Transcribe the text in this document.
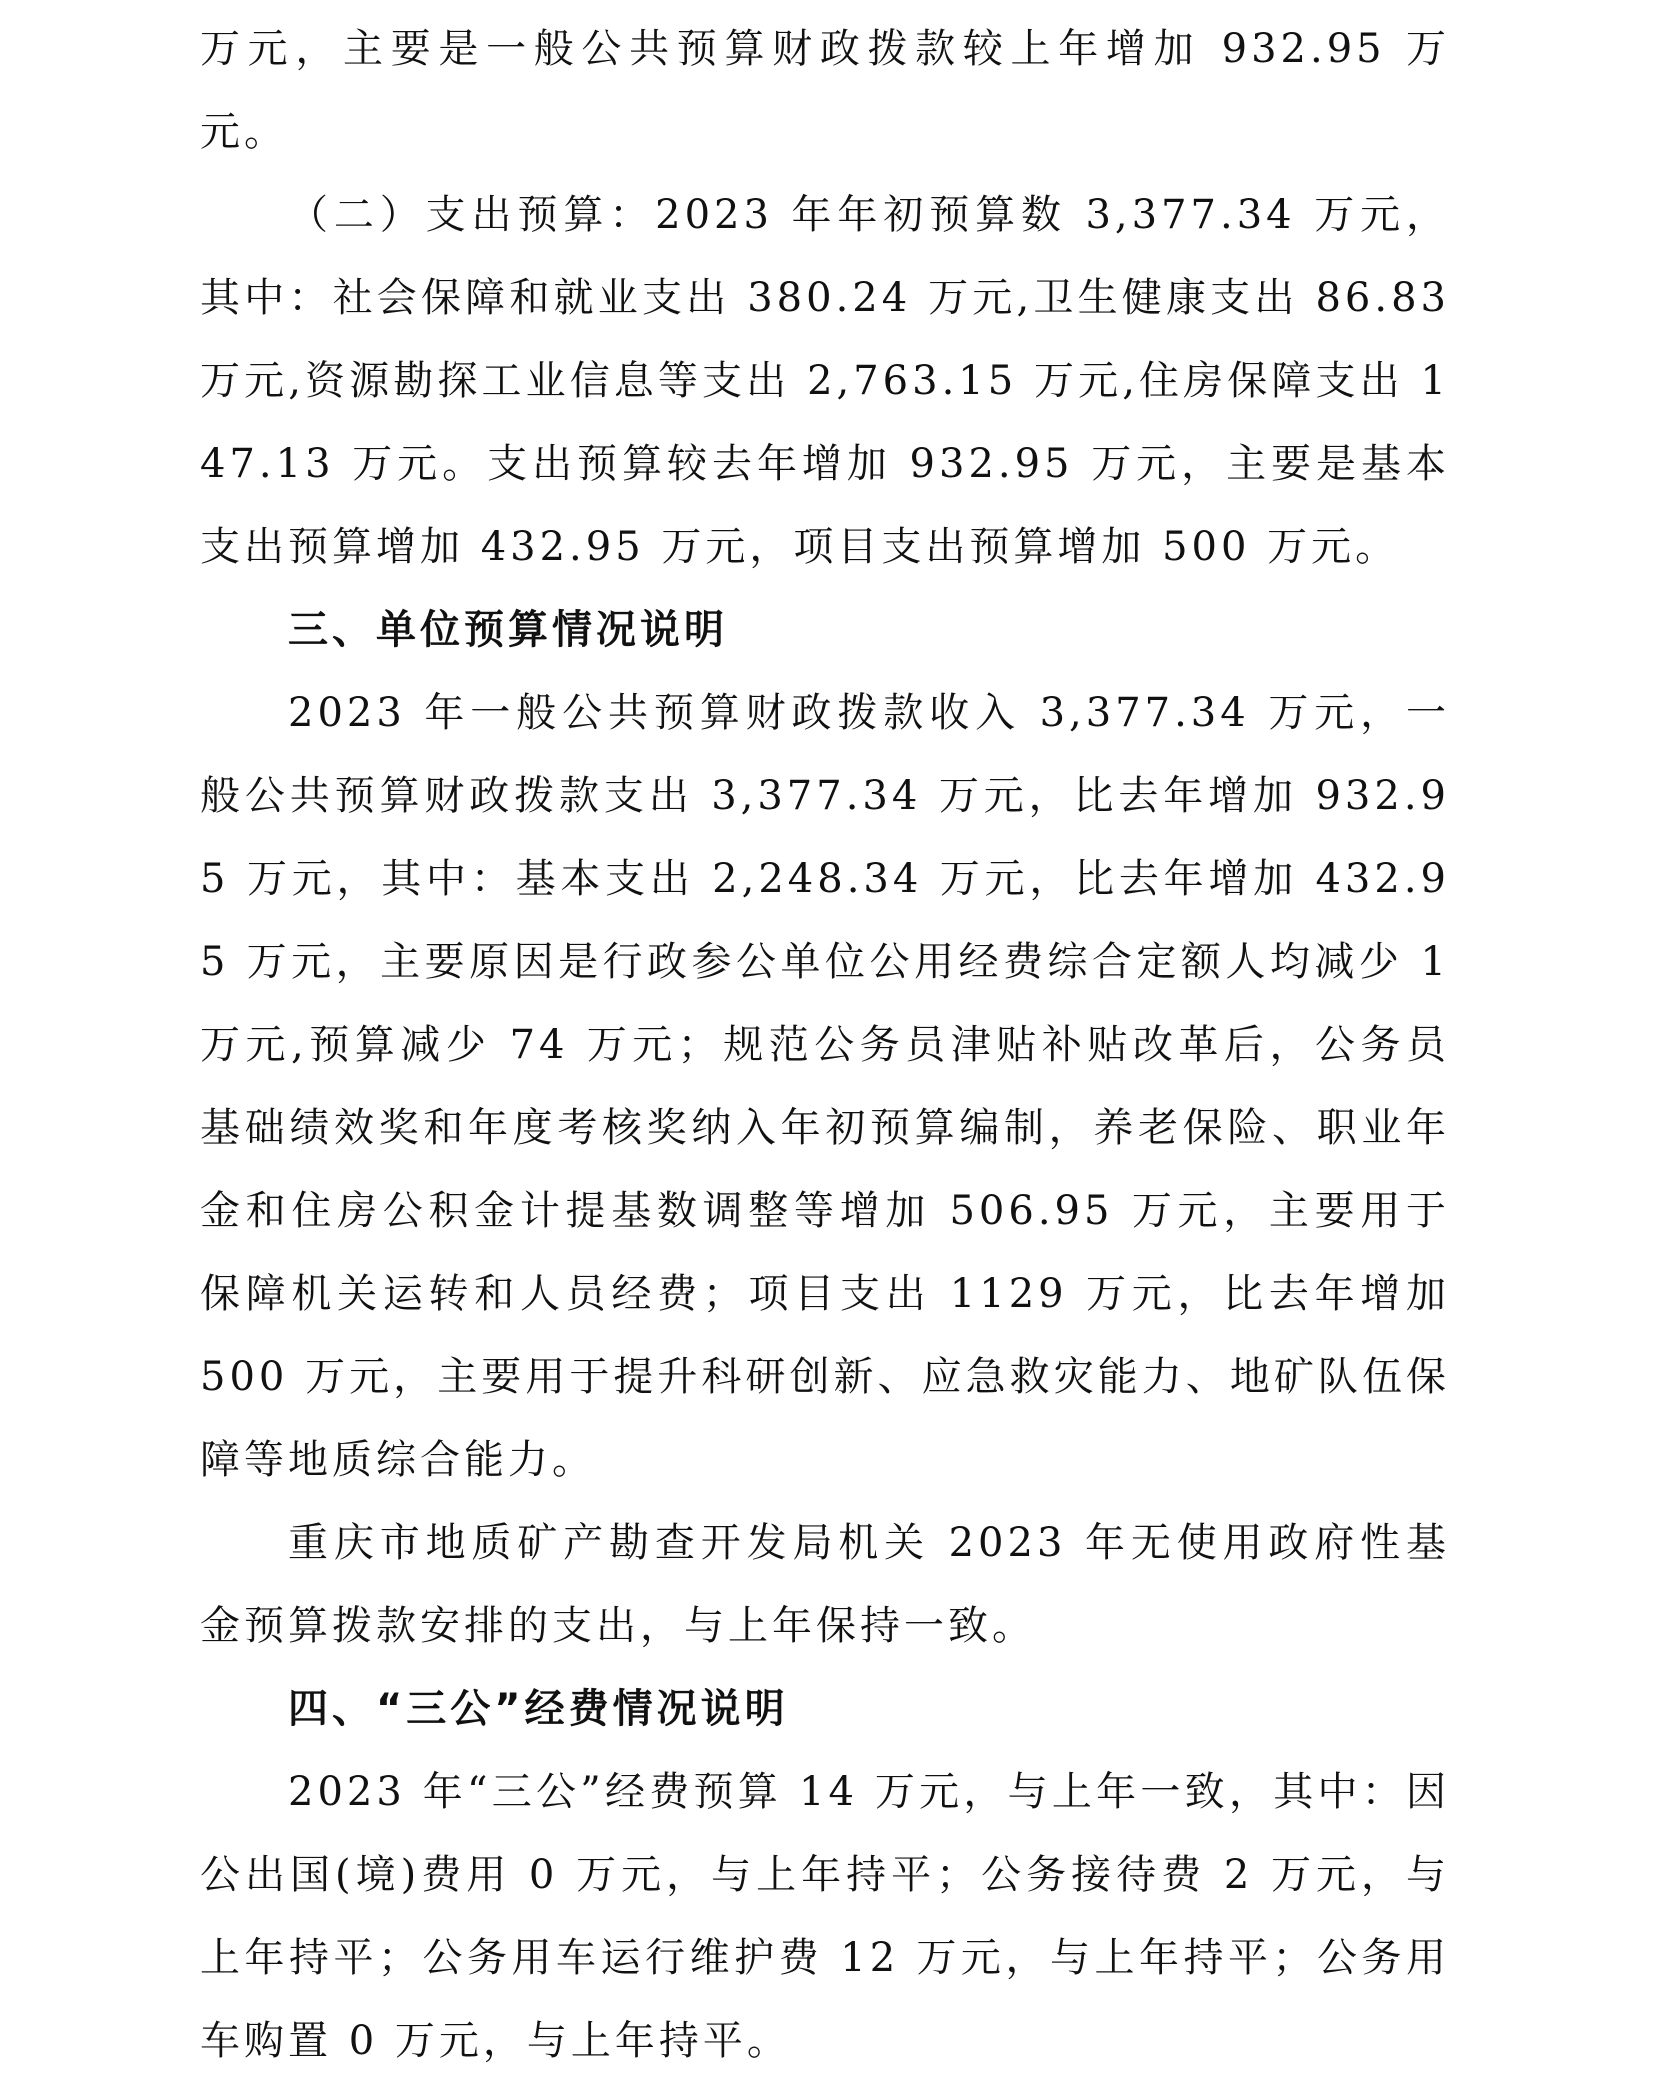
万元，主要是一般公共预算财政拨款较上年增加 932.95 万元。

（二）支出预算：2023 年年初预算数 3,377.34 万元，其中：社会保障和就业支出 380.24 万元,卫生健康支出 86.83 万元,资源勘探工业信息等支出 2,763.15 万元,住房保障支出 147.13 万元。支出预算较去年增加 932.95 万元，主要是基本支出预算增加 432.95 万元，项目支出预算增加 500 万元。

三、单位预算情况说明

2023 年一般公共预算财政拨款收入 3,377.34 万元，一般公共预算财政拨款支出 3,377.34 万元，比去年增加 932.95 万元，其中：基本支出 2,248.34 万元，比去年增加 432.95 万元，主要原因是行政参公单位公用经费综合定额人均减少 1 万元,预算减少 74 万元；规范公务员津贴补贴改革后，公务员基础绩效奖和年度考核奖纳入年初预算编制，养老保险、职业年金和住房公积金计提基数调整等增加 506.95 万元，主要用于保障机关运转和人员经费；项目支出 1129 万元，比去年增加 500 万元，主要用于提升科研创新、应急救灾能力、地矿队伍保障等地质综合能力。

重庆市地质矿产勘查开发局机关 2023 年无使用政府性基金预算拨款安排的支出，与上年保持一致。

四、“三公”经费情况说明

2023 年“三公”经费预算 14 万元，与上年一致，其中：因公出国(境)费用 0 万元，与上年持平；公务接待费 2 万元，与上年持平；公务用车运行维护费 12 万元，与上年持平；公务用车购置 0 万元，与上年持平。
